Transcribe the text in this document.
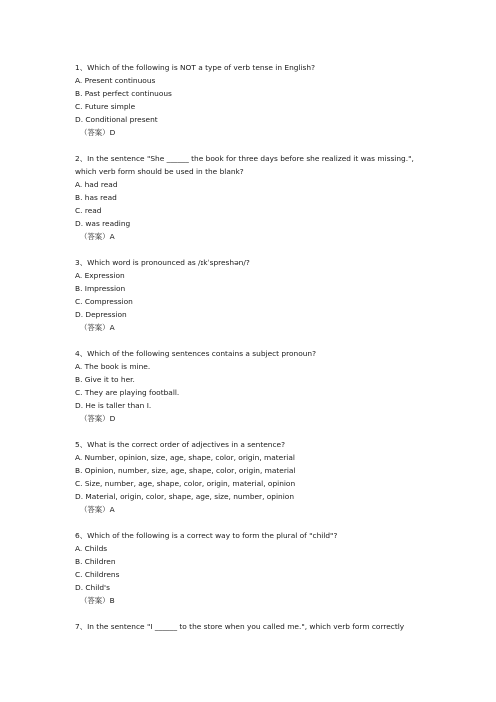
1、Which of the following is NOT a type of verb tense in English?

A. Present continuous

B. Past perfect continuous

C. Future simple

D. Conditional present

（答案）D

2、In the sentence "She ______ the book for three days before she realized it was missing.",

which verb form should be used in the blank?

A. had read

B. has read

C. read

D. was reading

（答案）A

3、Which word is pronounced as /ɪkˈspreshən/?

A. Expression

B. Impression

C. Compression

D. Depression

（答案）A

4、Which of the following sentences contains a subject pronoun?

A. The book is mine.

B. Give it to her.

C. They are playing football.

D. He is taller than I.

（答案）D

5、What is the correct order of adjectives in a sentence?

A. Number, opinion, size, age, shape, color, origin, material

B. Opinion, number, size, age, shape, color, origin, material

C. Size, number, age, shape, color, origin, material, opinion

D. Material, origin, color, shape, age, size, number, opinion

（答案）A

6、Which of the following is a correct way to form the plural of "child"?

A. Childs

B. Children

C. Childrens

D. Child's

（答案）B

7、In the sentence "I ______ to the store when you called me.", which verb form correctly
